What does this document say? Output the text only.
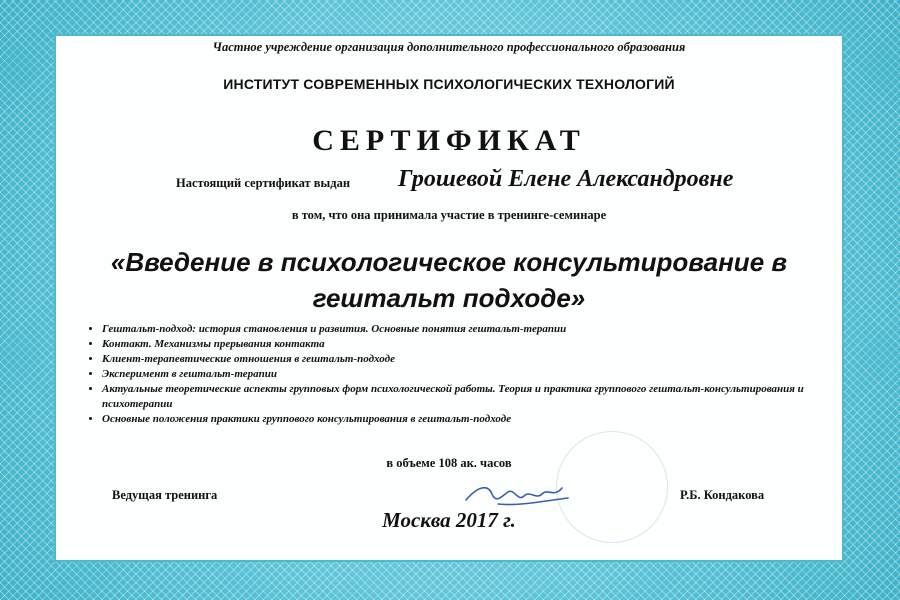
Частное учреждение организация дополнительного профессионального образования
ИНСТИТУТ СОВРЕМЕННЫХ ПСИХОЛОГИЧЕСКИХ ТЕХНОЛОГИЙ
СЕРТИФИКАТ
Настоящий сертификат выдан Грошевой Елене Александровне
в том, что она принимала участие в тренинге-семинаре
«Введение в психологическое консультирование в
гештальт подходе»
• Гештальт-подход: история становления и развития. Основные понятия гештальт-терапии
• Контакт. Механизмы прерывания контакта
• Клиент-терапевтические отношения в гештальт-подходе
• Эксперимент в гештальт-терапии
• Актуальные теоретические аспекты групповых форм психологической работы. Теория и практика группового гештальт-консультирования и психотерапии
• Основные положения практики группового консультирования в гештальт-подходе
в объеме 108 ак. часов
Ведущая тренинга	Р.Б. Кондакова
Москва 2017 г.
